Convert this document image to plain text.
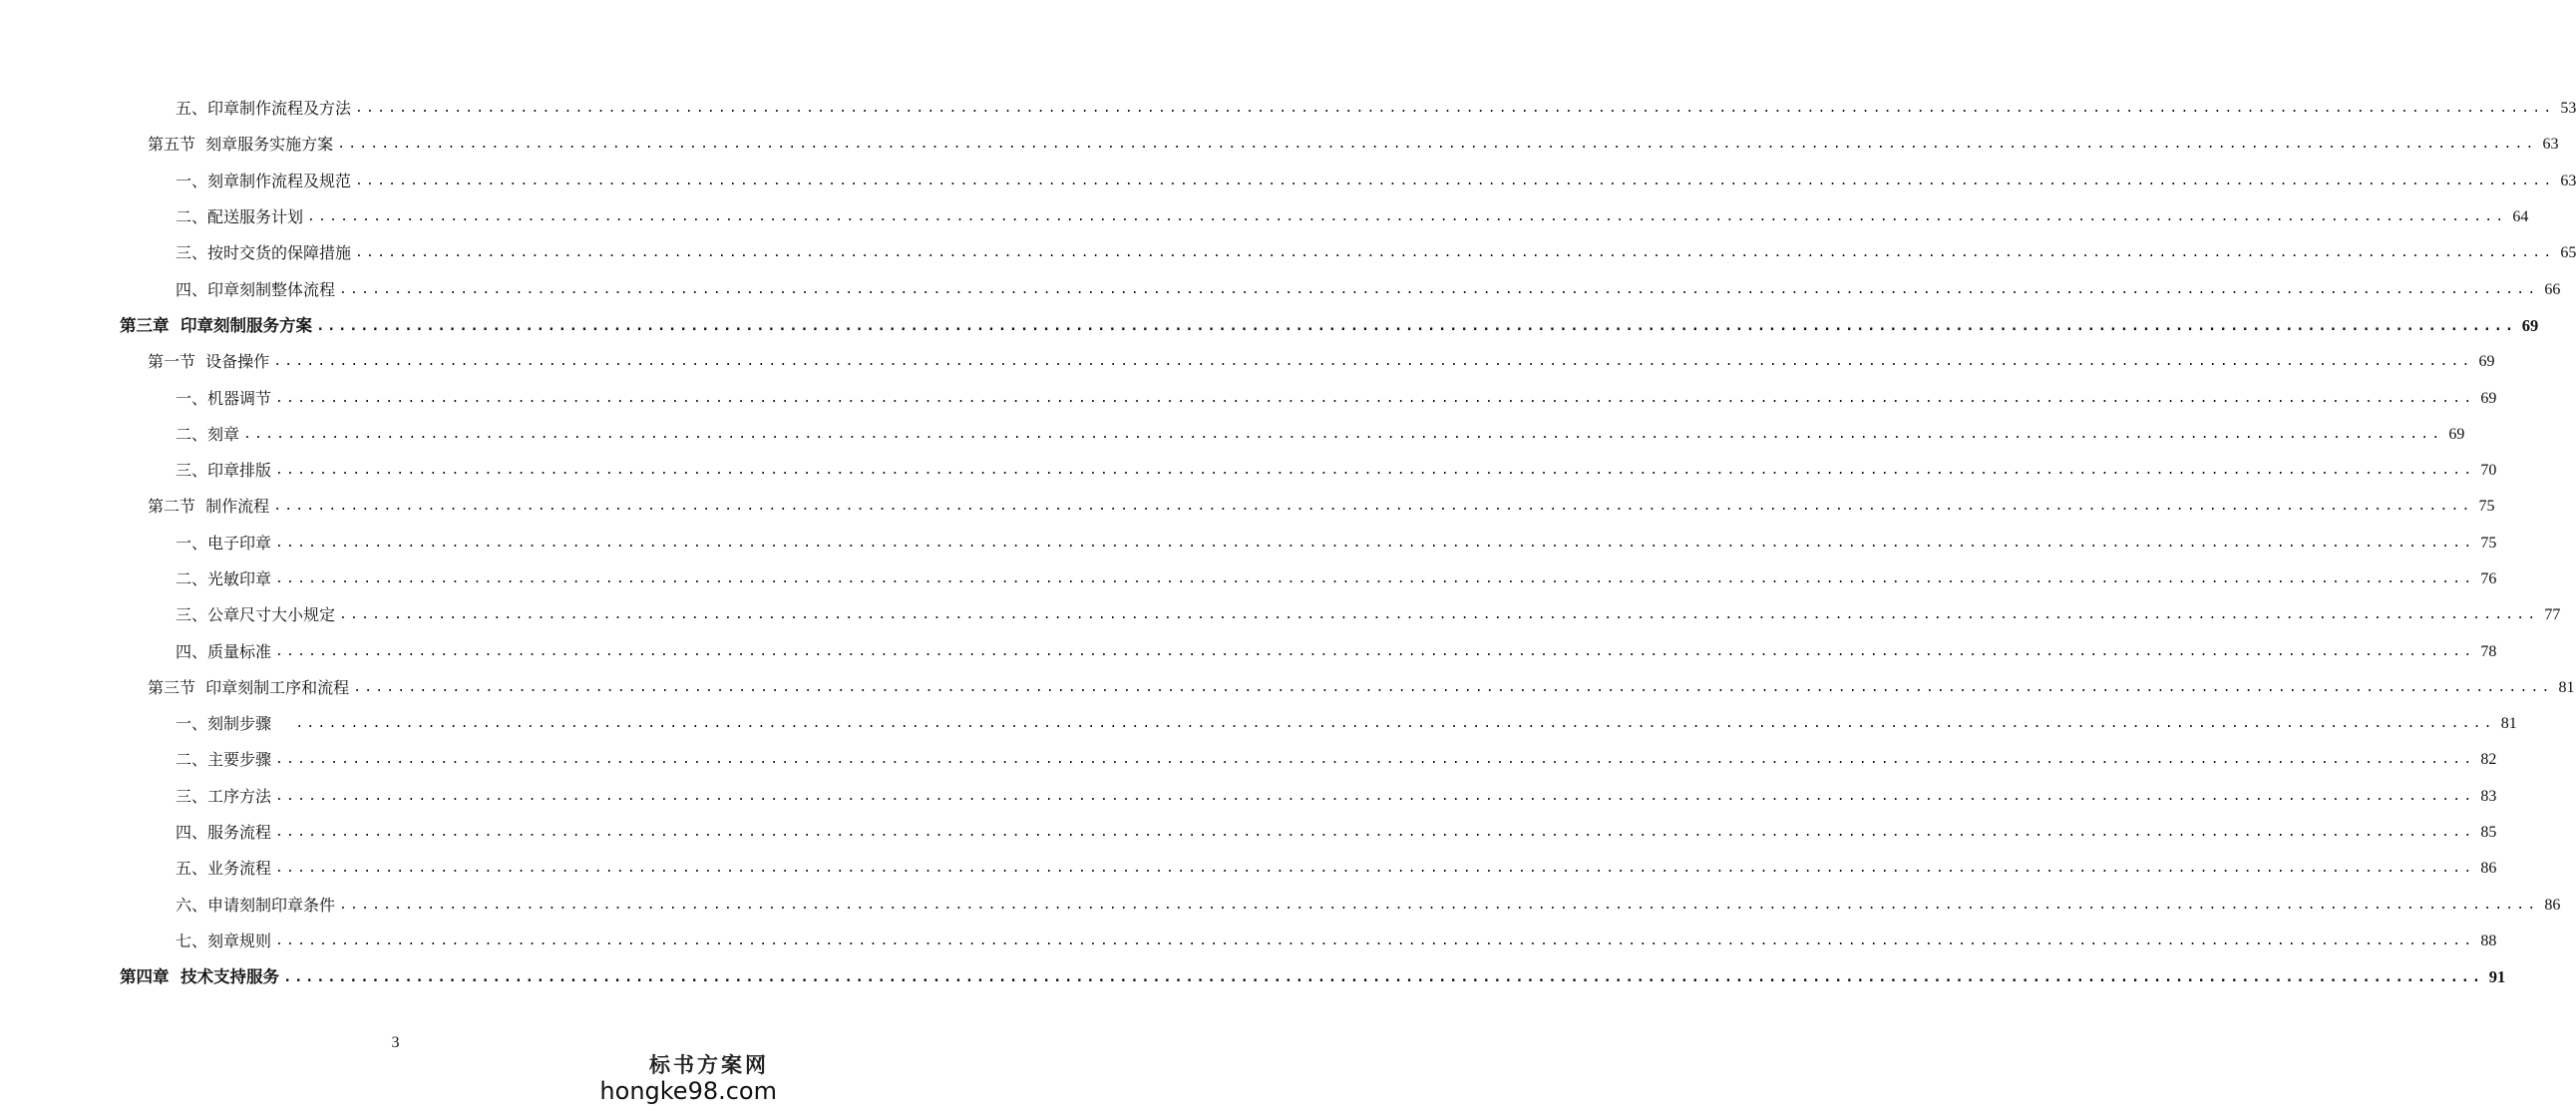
五、印章制作流程及方法 ........................................................................................................................................................................................................ 53
第五节  刻章服务实施方案 ........................................................................................................................................................................................................ 63
一、刻章制作流程及规范 ........................................................................................................................................................................................................ 63
二、配送服务计划 ........................................................................................................................................................................................................ 64
三、按时交货的保障措施 ........................................................................................................................................................................................................ 65
四、印章刻制整体流程 ........................................................................................................................................................................................................ 66
第三章  印章刻制服务方案 ........................................................................................................................................................................................................ 69
第一节  设备操作 ........................................................................................................................................................................................................ 69
一、机器调节 ........................................................................................................................................................................................................ 69
二、刻章 ........................................................................................................................................................................................................ 69
三、印章排版 ........................................................................................................................................................................................................ 70
第二节  制作流程 ........................................................................................................................................................................................................ 75
一、电子印章 ........................................................................................................................................................................................................ 75
二、光敏印章 ........................................................................................................................................................................................................ 76
三、公章尺寸大小规定 ........................................................................................................................................................................................................ 77
四、质量标准 ........................................................................................................................................................................................................ 78
第三节  印章刻制工序和流程 ........................................................................................................................................................................................................ 81
一、刻制步骤 ........................................................................................................................................................................................................ 81
二、主要步骤 ........................................................................................................................................................................................................ 82
三、工序方法 ........................................................................................................................................................................................................ 83
四、服务流程 ........................................................................................................................................................................................................ 85
五、业务流程 ........................................................................................................................................................................................................ 86
六、申请刻制印章条件 ........................................................................................................................................................................................................ 86
七、刻章规则 ........................................................................................................................................................................................................ 88
第四章  技术支持服务 ........................................................................................................................................................................................................ 91
3
标书方案网
hongke98.com
